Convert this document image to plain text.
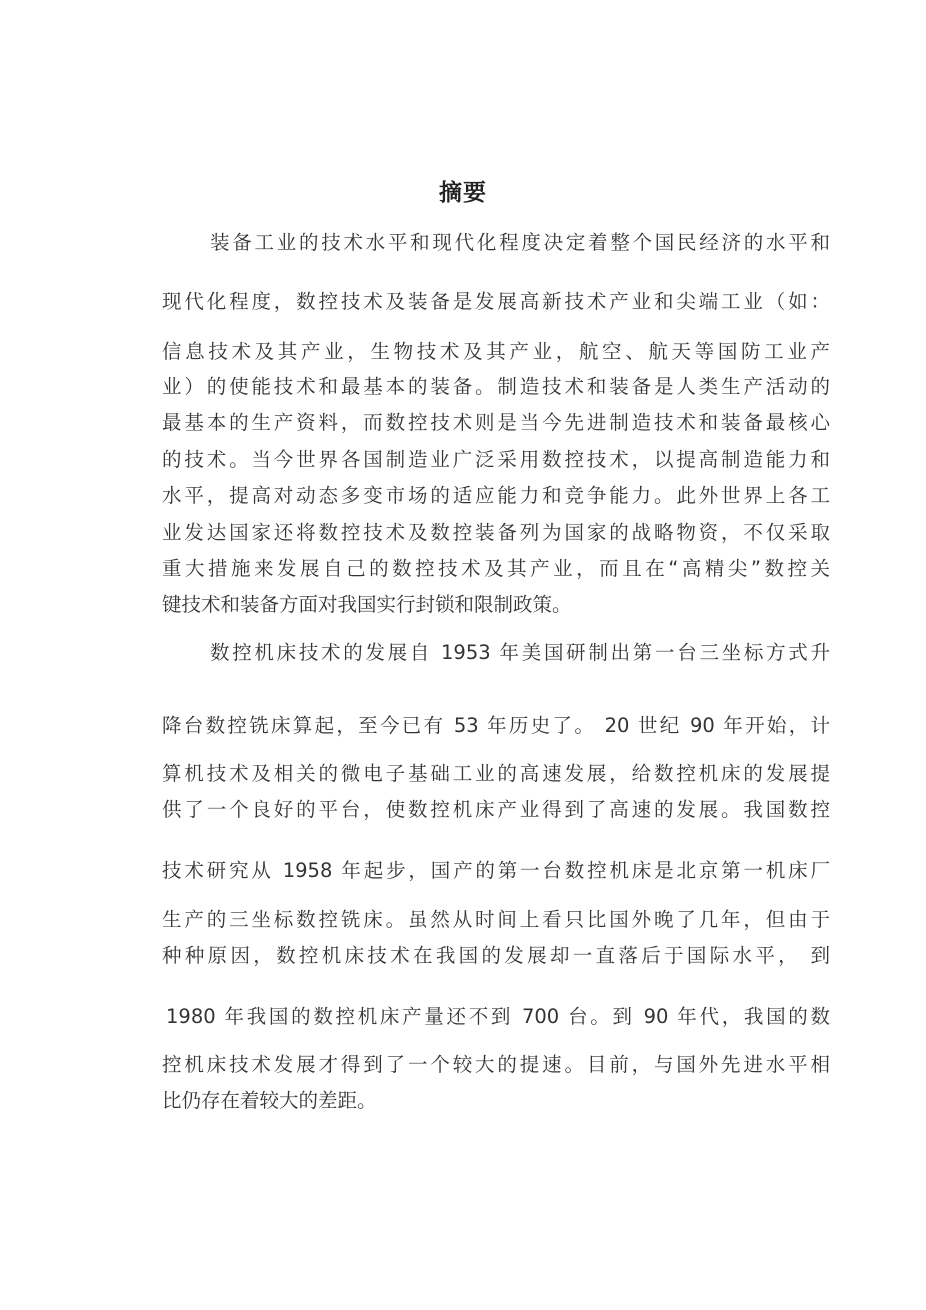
摘要
装备工业的技术水平和现代化程度决定着整个国民经济的水平和
现代化程度，数控技术及装备是发展高新技术产业和尖端工业（如：
信息技术及其产业，生物技术及其产业，航空、航天等国防工业产
业）的使能技术和最基本的装备。制造技术和装备是人类生产活动的
最基本的生产资料，而数控技术则是当今先进制造技术和装备最核心
的技术。当今世界各国制造业广泛采用数控技术，以提高制造能力和
水平，提高对动态多变市场的适应能力和竞争能力。此外世界上各工
业发达国家还将数控技术及数控装备列为国家的战略物资，不仅采取
重大措施来发展自己的数控技术及其产业，而且在“高精尖”数控关
键技术和装备方面对我国实行封锁和限制政策。
数控机床技术的发展自 1953 年美国研制出第一台三坐标方式升
降台数控铣床算起，至今已有 53 年历史了。 20 世纪 90 年开始，计
算机技术及相关的微电子基础工业的高速发展，给数控机床的发展提
供了一个良好的平台，使数控机床产业得到了高速的发展。我国数控
技术研究从 1958 年起步，国产的第一台数控机床是北京第一机床厂
生产的三坐标数控铣床。虽然从时间上看只比国外晚了几年，但由于
种种原因，数控机床技术在我国的发展却一直落后于国际水平， 到
1980 年我国的数控机床产量还不到 700 台。到 90 年代，我国的数
控机床技术发展才得到了一个较大的提速。目前，与国外先进水平相
比仍存在着较大的差距。
